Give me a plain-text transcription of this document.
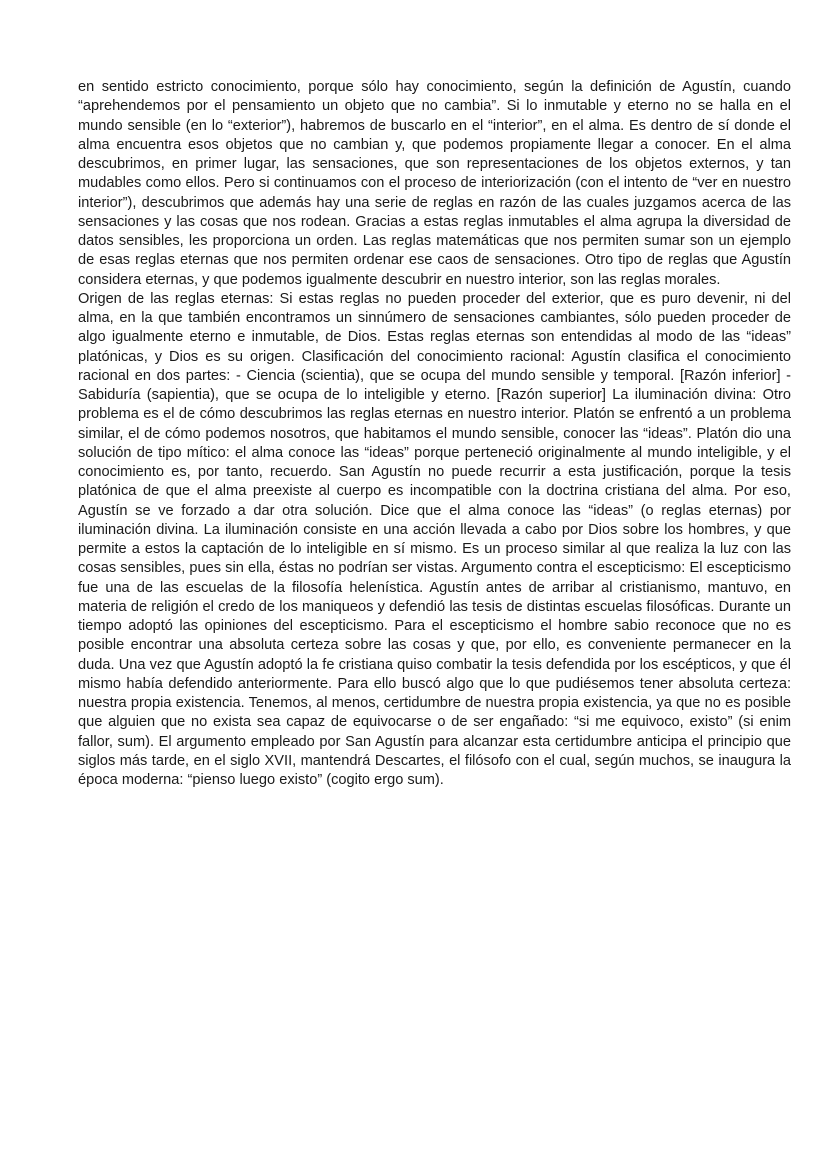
en sentido estricto conocimiento, porque sólo hay conocimiento, según la definición de Agustín, cuando “aprehendemos por el pensamiento un objeto que no cambia”. Si lo inmutable y eterno no se halla en el mundo sensible (en lo “exterior”), habremos de buscarlo en el “interior”, en el alma. Es dentro de sí donde el alma encuentra esos objetos que no cambian y, que podemos propiamente llegar a conocer. En el alma descubrimos, en primer lugar, las sensaciones, que son representaciones de los objetos externos, y tan mudables como ellos. Pero si continuamos con el proceso de interiorización (con el intento de “ver en nuestro interior”), descubrimos que además hay una serie de reglas en razón de las cuales juzgamos acerca de las sensaciones y las cosas que nos rodean. Gracias a estas reglas inmutables el alma agrupa la diversidad de datos sensibles, les proporciona un orden. Las reglas matemáticas que nos permiten sumar son un ejemplo de esas reglas eternas que nos permiten ordenar ese caos de sensaciones. Otro tipo de reglas que Agustín considera eternas, y que podemos igualmente descubrir en nuestro interior, son las reglas morales.

Origen de las reglas eternas: Si estas reglas no pueden proceder del exterior, que es puro devenir, ni del alma, en la que también encontramos un sinnúmero de sensaciones cambiantes, sólo pueden proceder de algo igualmente eterno e inmutable, de Dios. Estas reglas eternas son entendidas al modo de las “ideas” platónicas, y Dios es su origen. Clasificación del conocimiento racional: Agustín clasifica el conocimiento racional en dos partes: - Ciencia (scientia), que se ocupa del mundo sensible y temporal. [Razón inferior] - Sabiduría (sapientia), que se ocupa de lo inteligible y eterno. [Razón superior] La iluminación divina: Otro problema es el de cómo descubrimos las reglas eternas en nuestro interior. Platón se enfrentó a un problema similar, el de cómo podemos nosotros, que habitamos el mundo sensible, conocer las “ideas”. Platón dio una solución de tipo mítico: el alma conoce las “ideas” porque perteneció originalmente al mundo inteligible, y el conocimiento es, por tanto, recuerdo. San Agustín no puede recurrir a esta justificación, porque la tesis platónica de que el alma preexiste al cuerpo es incompatible con la doctrina cristiana del alma. Por eso, Agustín se ve forzado a dar otra solución. Dice que el alma conoce las “ideas” (o reglas eternas) por iluminación divina. La iluminación consiste en una acción llevada a cabo por Dios sobre los hombres, y que permite a estos la captación de lo inteligible en sí mismo. Es un proceso similar al que realiza la luz con las cosas sensibles, pues sin ella, éstas no podrían ser vistas. Argumento contra el escepticismo: El escepticismo fue una de las escuelas de la filosofía helenística. Agustín antes de arribar al cristianismo, mantuvo, en materia de religión el credo de los maniqueos y defendió las tesis de distintas escuelas filosóficas. Durante un tiempo adoptó las opiniones del escepticismo. Para el escepticismo el hombre sabio reconoce que no es posible encontrar una absoluta certeza sobre las cosas y que, por ello, es conveniente permanecer en la duda. Una vez que Agustín adoptó la fe cristiana quiso combatir la tesis defendida por los escépticos, y que él mismo había defendido anteriormente. Para ello buscó algo que lo que pudiésemos tener absoluta certeza: nuestra propia existencia. Tenemos, al menos, certidumbre de nuestra propia existencia, ya que no es posible que alguien que no exista sea capaz de equivocarse o de ser engañado: “si me equivoco, existo” (si enim fallor, sum). El argumento empleado por San Agustín para alcanzar esta certidumbre anticipa el principio que siglos más tarde, en el siglo XVII, mantendrá Descartes, el filósofo con el cual, según muchos, se inaugura la época moderna: “pienso luego existo” (cogito ergo sum).
